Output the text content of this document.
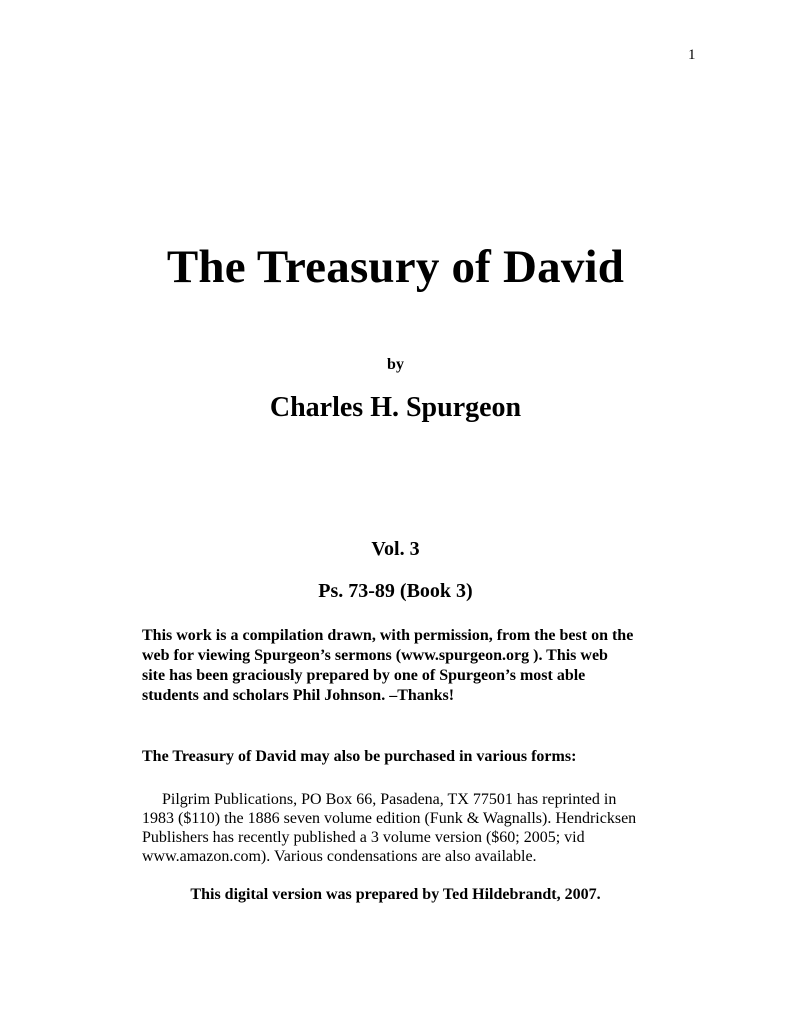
1
The Treasury of David
by
Charles H. Spurgeon
Vol. 3
Ps. 73-89 (Book 3)
This work is a compilation drawn, with permission, from the best on the
web for viewing Spurgeon’s sermons (www.spurgeon.org ). This web
site has been graciously prepared by one of Spurgeon’s most able
students and scholars Phil Johnson. –Thanks!
The Treasury of David may also be purchased in various forms:
Pilgrim Publications, PO Box 66, Pasadena, TX 77501 has reprinted in
1983 ($110) the 1886 seven volume edition (Funk & Wagnalls). Hendricksen
Publishers has recently published a 3 volume version ($60; 2005; vid
www.amazon.com). Various condensations are also available.
This digital version was prepared by Ted Hildebrandt, 2007.
